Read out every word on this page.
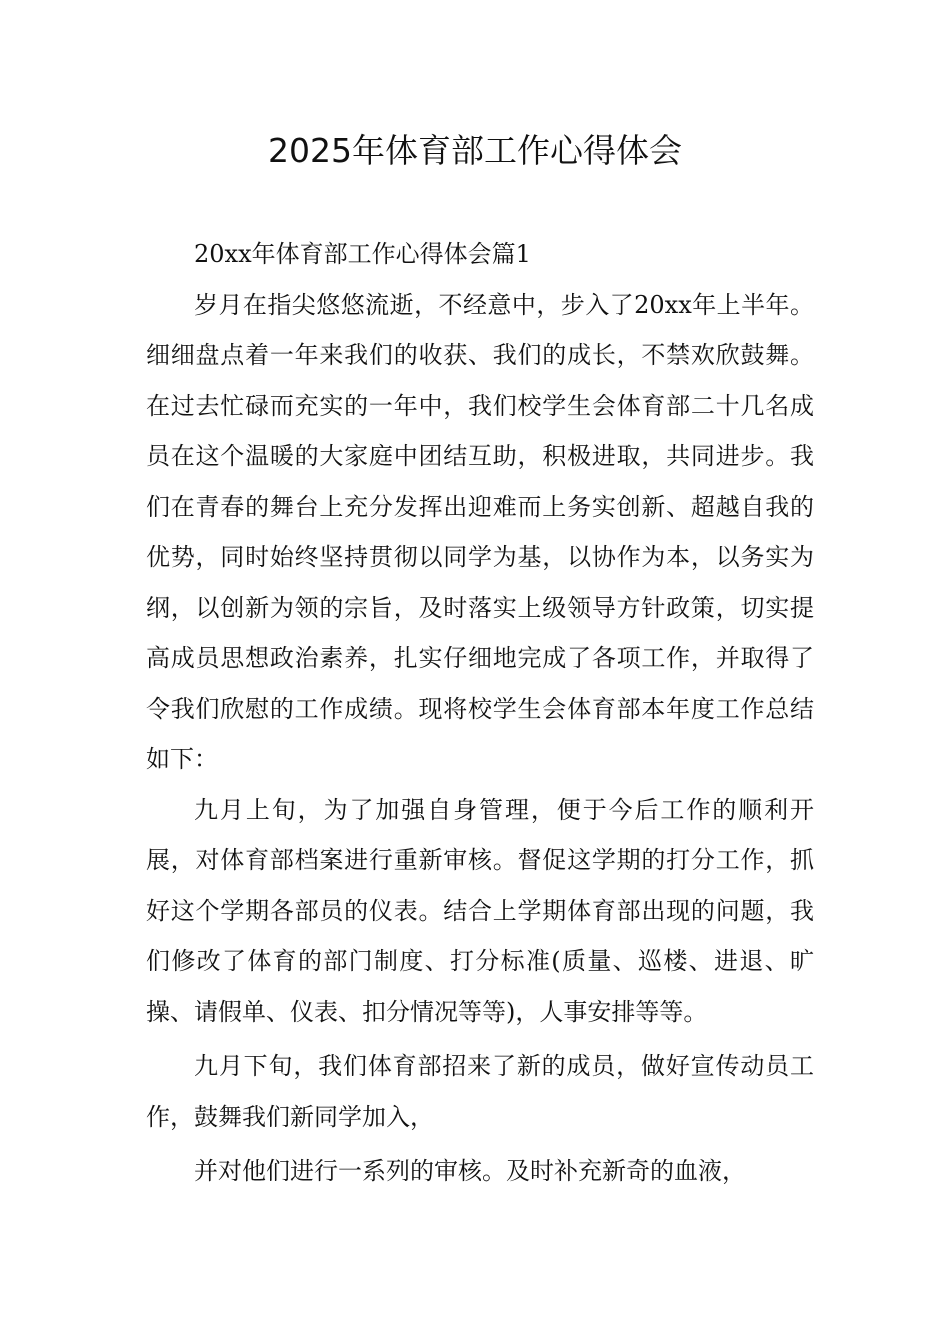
2025年体育部工作心得体会

20xx年体育部工作心得体会篇1

岁月在指尖悠悠流逝，不经意中，步入了20xx年上半年。细细盘点着一年来我们的收获、我们的成长，不禁欢欣鼓舞。在过去忙碌而充实的一年中，我们校学生会体育部二十几名成员在这个温暖的大家庭中团结互助，积极进取，共同进步。我们在青春的舞台上充分发挥出迎难而上务实创新、超越自我的优势，同时始终坚持贯彻以同学为基，以协作为本，以务实为纲，以创新为领的宗旨，及时落实上级领导方针政策，切实提高成员思想政治素养，扎实仔细地完成了各项工作，并取得了令我们欣慰的工作成绩。现将校学生会体育部本年度工作总结如下：

九月上旬，为了加强自身管理，便于今后工作的顺利开展，对体育部档案进行重新审核。督促这学期的打分工作，抓好这个学期各部员的仪表。结合上学期体育部出现的问题，我们修改了体育的部门制度、打分标准(质量、巡楼、进退、旷操、请假单、仪表、扣分情况等等)，人事安排等等。

九月下旬，我们体育部招来了新的成员，做好宣传动员工作，鼓舞我们新同学加入，

并对他们进行一系列的审核。及时补充新奇的血液，
